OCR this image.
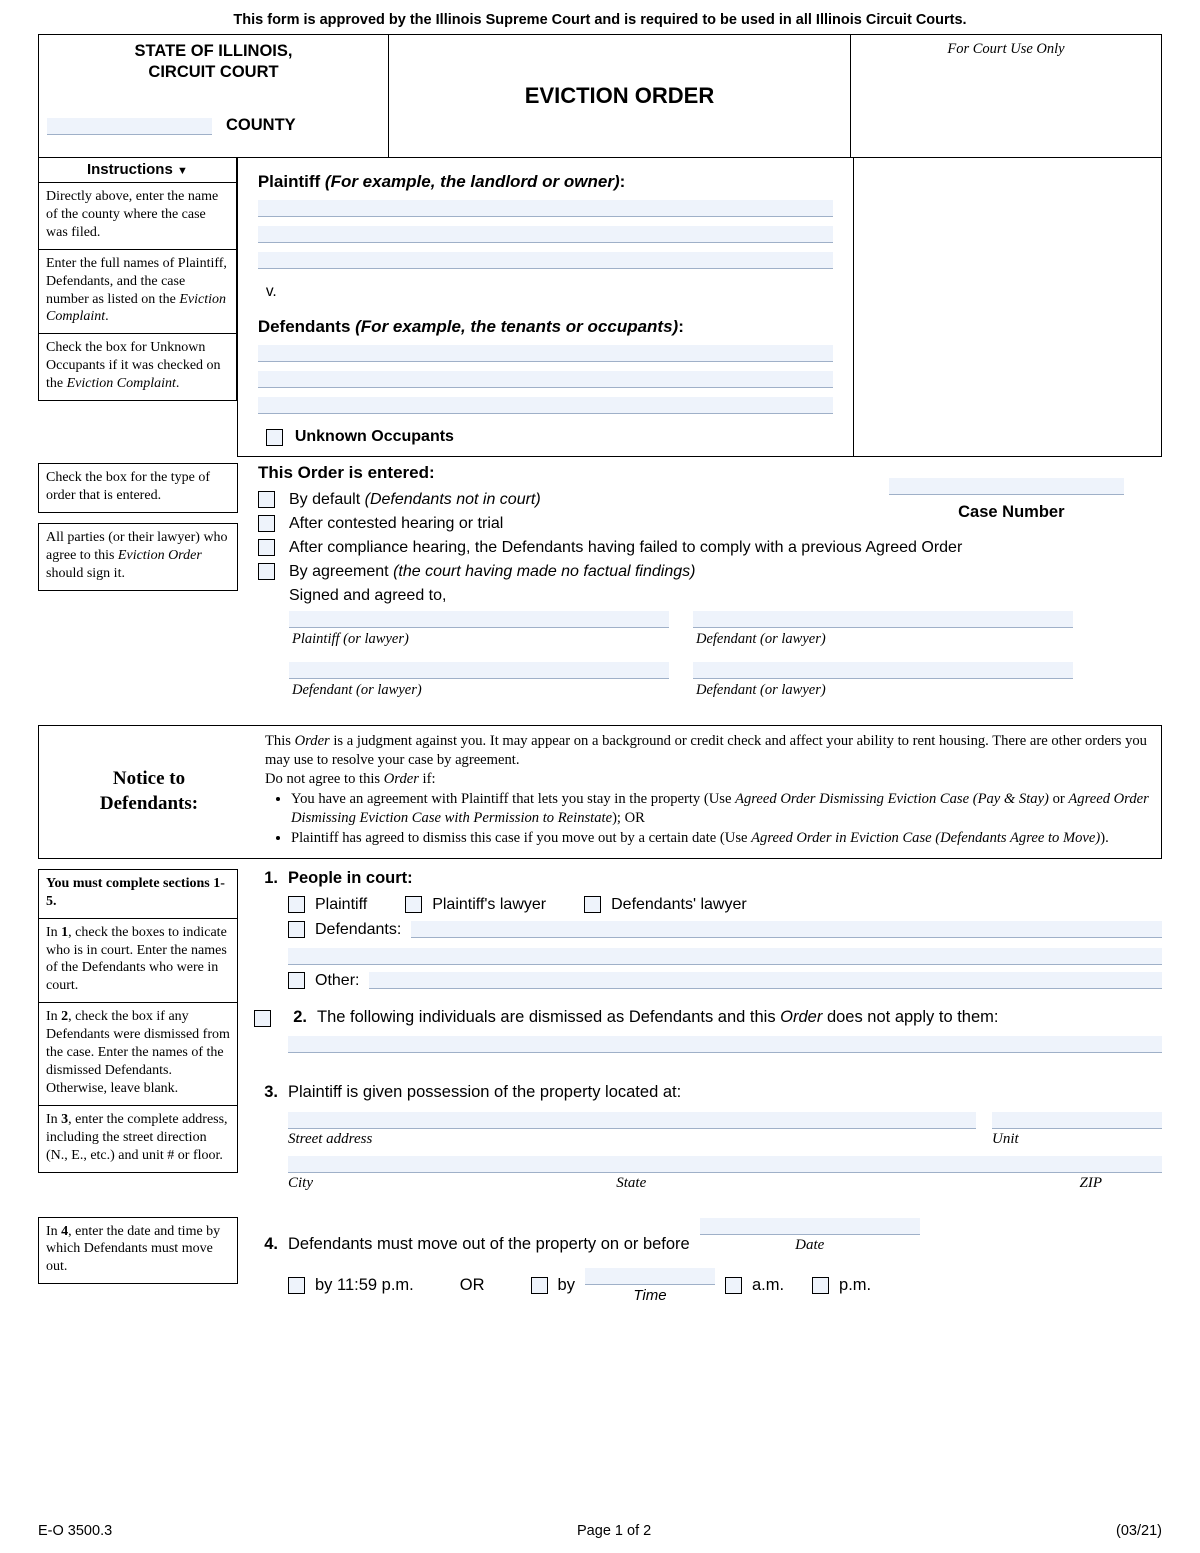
This form is approved by the Illinois Supreme Court and is required to be used in all Illinois Circuit Courts.
STATE OF ILLINOIS,
CIRCUIT COURT
COUNTY
EVICTION ORDER
For Court Use Only
Instructions ▼
Directly above, enter the name of the county where the case was filed.
Enter the full names of Plaintiff, Defendants, and the case number as listed on the Eviction Complaint.
Check the box for Unknown Occupants if it was checked on the Eviction Complaint.
Plaintiff (For example, the landlord or owner):
v.
Defendants (For example, the tenants or occupants):
Unknown Occupants
Case Number
Check the box for the type of order that is entered.
All parties (or their lawyer) who agree to this Eviction Order should sign it.
This Order is entered:
By default (Defendants not in court)
After contested hearing or trial
After compliance hearing, the Defendants having failed to comply with a previous Agreed Order
By agreement (the court having made no factual findings)
Signed and agreed to,
Plaintiff (or lawyer)	Defendant (or lawyer)
Defendant (or lawyer)	Defendant (or lawyer)
Notice to
Defendants:
This Order is a judgment against you. It may appear on a background or credit check and affect your ability to rent housing. There are other orders you may use to resolve your case by agreement.
Do not agree to this Order if:
• You have an agreement with Plaintiff that lets you stay in the property (Use Agreed Order Dismissing Eviction Case (Pay & Stay) or Agreed Order Dismissing Eviction Case with Permission to Reinstate); OR
• Plaintiff has agreed to dismiss this case if you move out by a certain date (Use Agreed Order in Eviction Case (Defendants Agree to Move)).
You must complete sections 1-5.
In 1, check the boxes to indicate who is in court. Enter the names of the Defendants who were in court.
In 2, check the box if any Defendants were dismissed from the case. Enter the names of the dismissed Defendants. Otherwise, leave blank.
In 3, enter the complete address, including the street direction (N., E., etc.) and unit # or floor.
In 4, enter the date and time by which Defendants must move out.
1. People in court:
Plaintiff	Plaintiff's lawyer	Defendants' lawyer
Defendants:
Other:
2. The following individuals are dismissed as Defendants and this Order does not apply to them:
3. Plaintiff is given possession of the property located at:
Street address	Unit
City	State	ZIP
4. Defendants must move out of the property on or before	Date
by 11:59 p.m.	OR	by
Time
a.m.	p.m.
E-O 3500.3	Page 1 of 2	(03/21)
